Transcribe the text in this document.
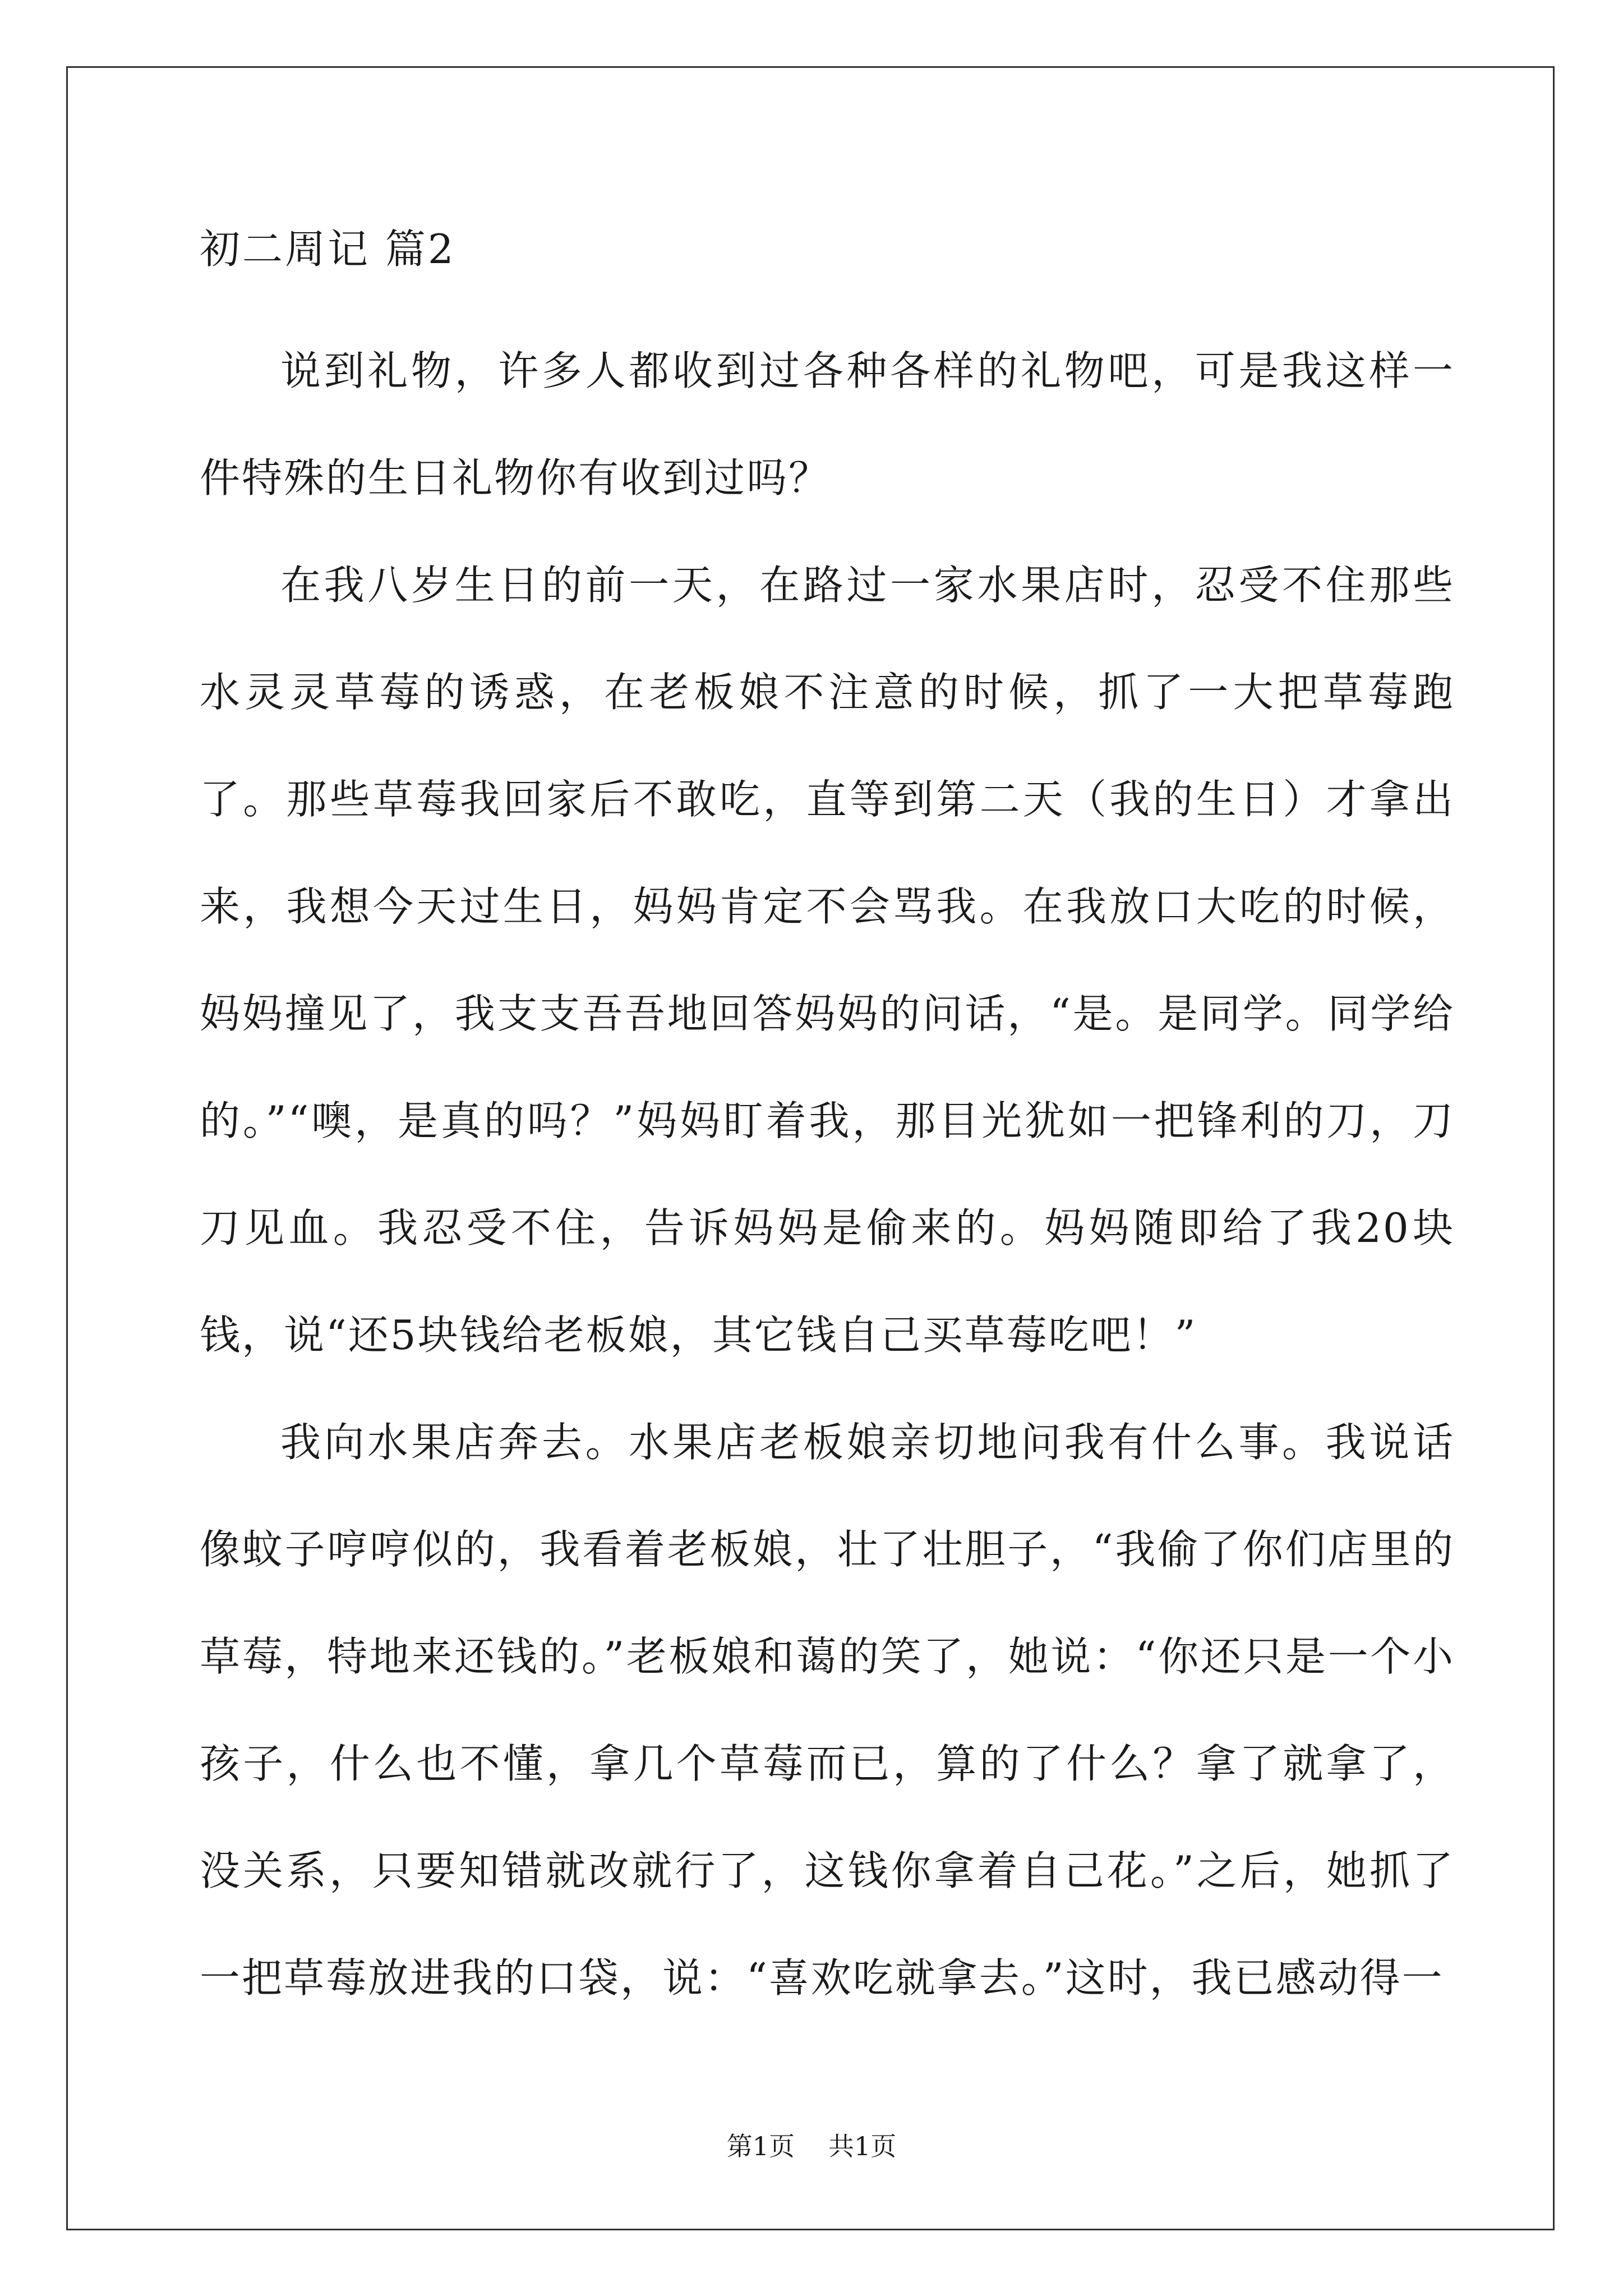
初二周记 篇2

说到礼物，许多人都收到过各种各样的礼物吧，可是我这样一件特殊的生日礼物你有收到过吗？

在我八岁生日的前一天，在路过一家水果店时，忍受不住那些水灵灵草莓的诱惑，在老板娘不注意的时候，抓了一大把草莓跑了。那些草莓我回家后不敢吃，直等到第二天（我的生日）才拿出来，我想今天过生日，妈妈肯定不会骂我。在我放口大吃的时候，妈妈撞见了，我支支吾吾地回答妈妈的问话，“是。是同学。同学给的。”“噢，是真的吗？”妈妈盯着我，那目光犹如一把锋利的刀，刀刀见血。我忍受不住，告诉妈妈是偷来的。妈妈随即给了我20块钱，说“还5块钱给老板娘，其它钱自己买草莓吃吧！”

我向水果店奔去。水果店老板娘亲切地问我有什么事。我说话像蚊子哼哼似的，我看着老板娘，壮了壮胆子，“我偷了你们店里的草莓，特地来还钱的。”老板娘和蔼的笑了，她说：“你还只是一个小孩子，什么也不懂，拿几个草莓而已，算的了什么？拿了就拿了，没关系，只要知错就改就行了，这钱你拿着自己花。”之后，她抓了一把草莓放进我的口袋，说：“喜欢吃就拿去。”这时，我已感动得一

第1页 共1页
